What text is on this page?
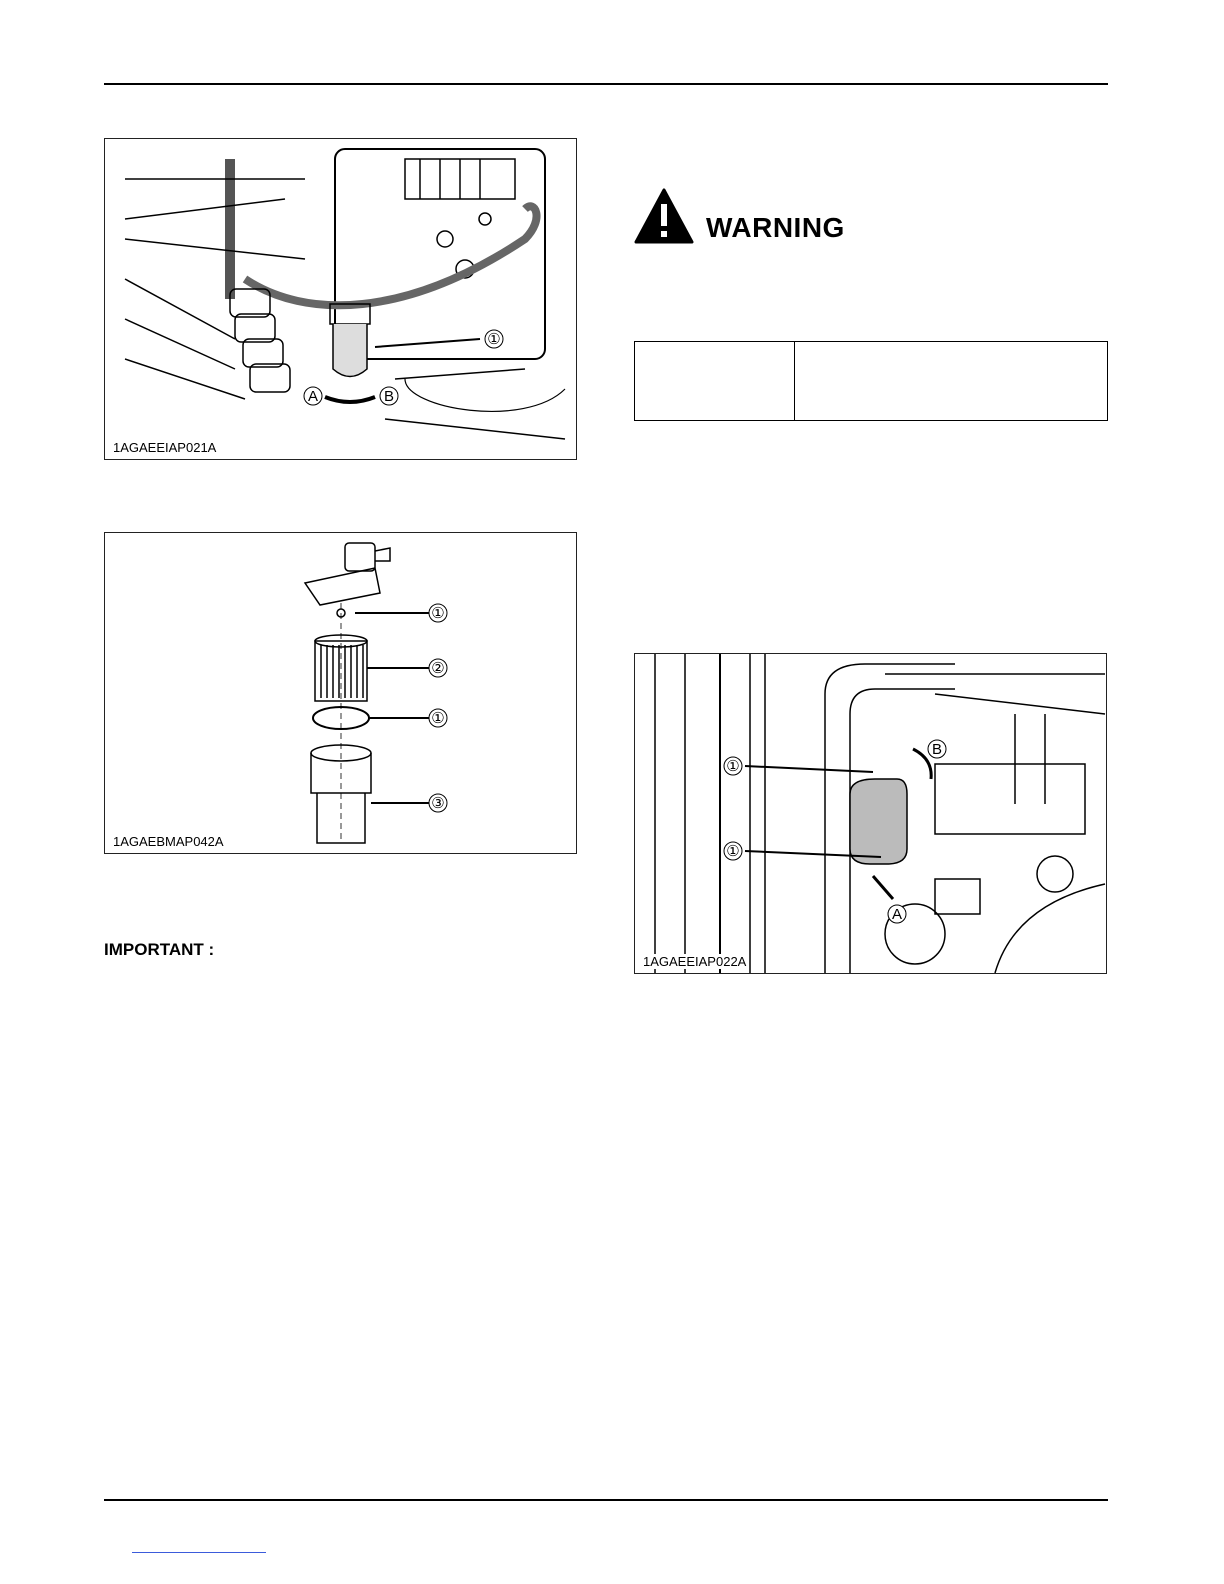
①
A	B
1AGAEEIAP021A
①
②
①
③
1AGAEBMAP042A
WARNING

IMPORTANT :
①
①
A
B
1AGAEEIAP022A
